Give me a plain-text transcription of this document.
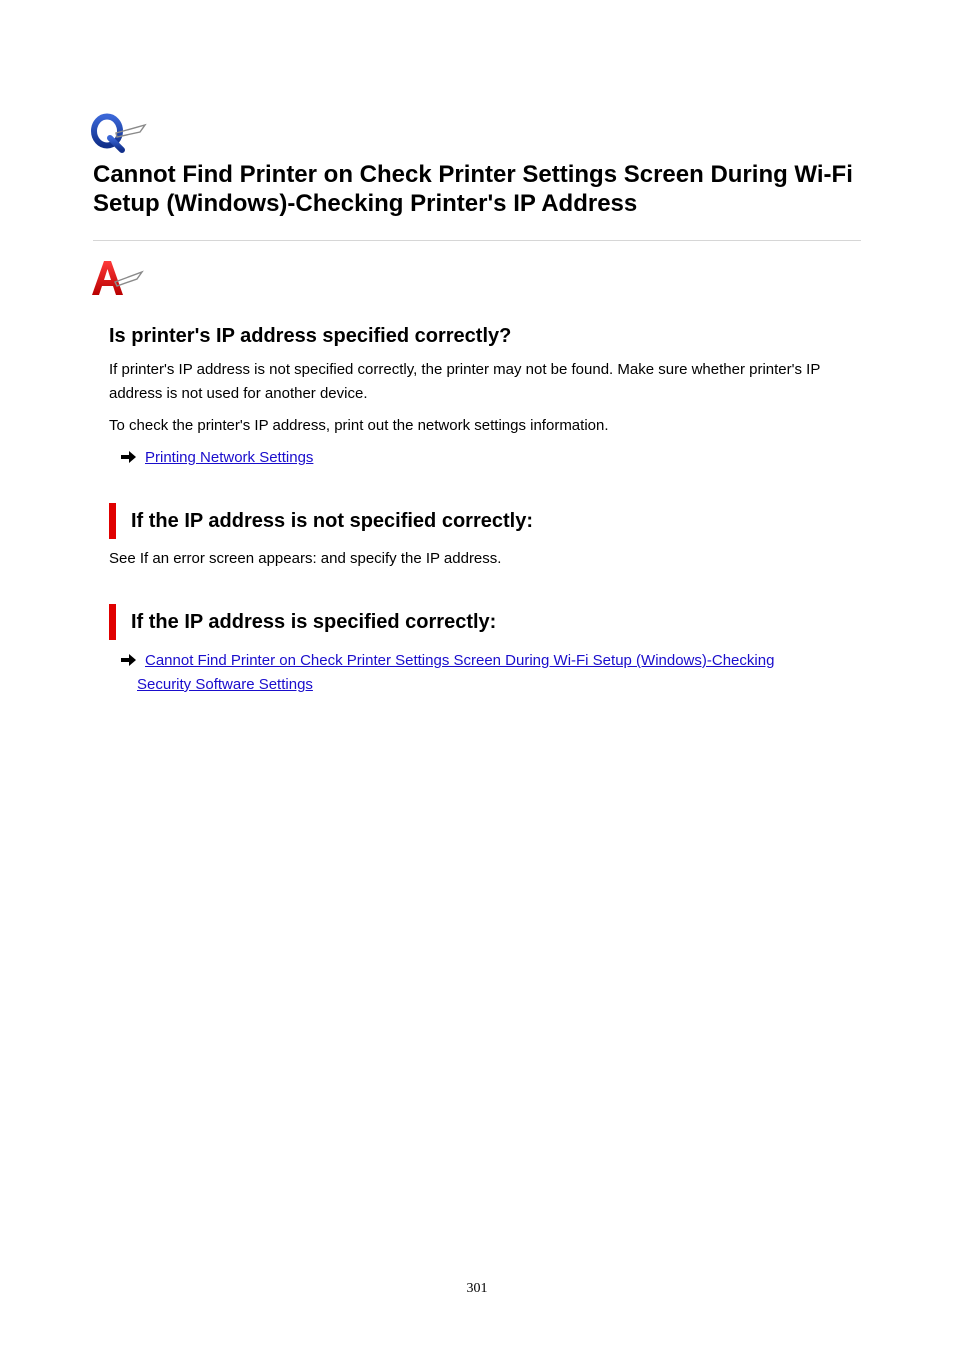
Cannot Find Printer on Check Printer Settings Screen During Wi-Fi Setup (Windows)-Checking Printer's IP Address
Is printer's IP address specified correctly?

If printer's IP address is not specified correctly, the printer may not be found. Make sure whether printer's IP address is not used for another device.

To check the printer's IP address, print out the network settings information.

Printing Network Settings
If the IP address is not specified correctly:

See If an error screen appears: and specify the IP address.

If the IP address is specified correctly:
Cannot Find Printer on Check Printer Settings Screen During Wi-Fi Setup (Windows)-Checking
Security Software Settings
301
